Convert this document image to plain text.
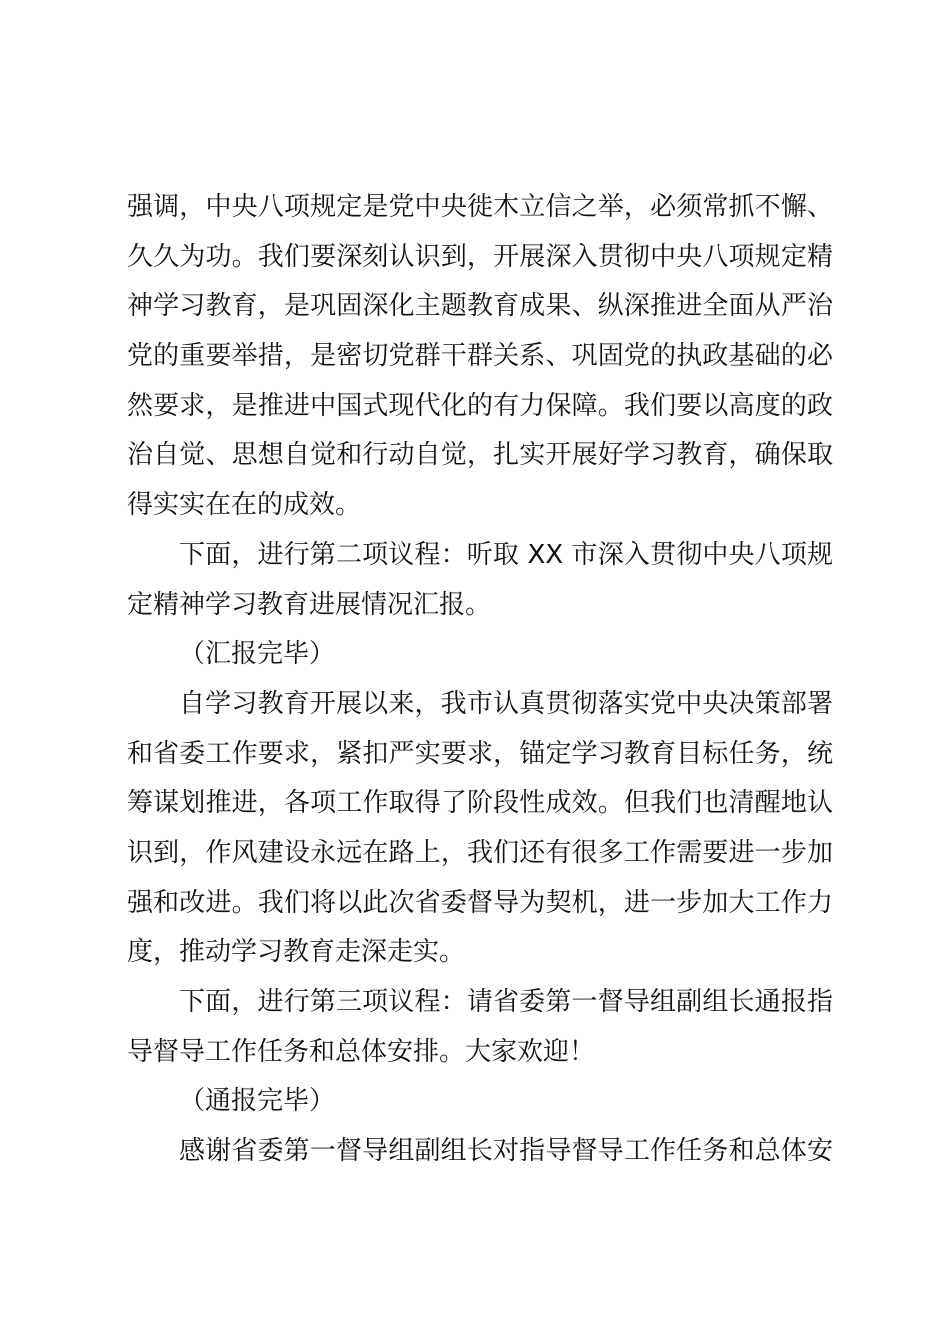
强调，中央八项规定是党中央徙木立信之举，必须常抓不懈、
久久为功。我们要深刻认识到，开展深入贯彻中央八项规定精
神学习教育，是巩固深化主题教育成果、纵深推进全面从严治
党的重要举措，是密切党群干群关系、巩固党的执政基础的必
然要求，是推进中国式现代化的有力保障。我们要以高度的政
治自觉、思想自觉和行动自觉，扎实开展好学习教育，确保取
得实实在在的成效。
下面，进行第二项议程：听取 XX 市深入贯彻中央八项规
定精神学习教育进展情况汇报。
（汇报完毕）
自学习教育开展以来，我市认真贯彻落实党中央决策部署
和省委工作要求，紧扣严实要求，锚定学习教育目标任务，统
筹谋划推进，各项工作取得了阶段性成效。但我们也清醒地认
识到，作风建设永远在路上，我们还有很多工作需要进一步加
强和改进。我们将以此次省委督导为契机，进一步加大工作力
度，推动学习教育走深走实。
下面，进行第三项议程：请省委第一督导组副组长通报指
导督导工作任务和总体安排。大家欢迎！
（通报完毕）
感谢省委第一督导组副组长对指导督导工作任务和总体安
